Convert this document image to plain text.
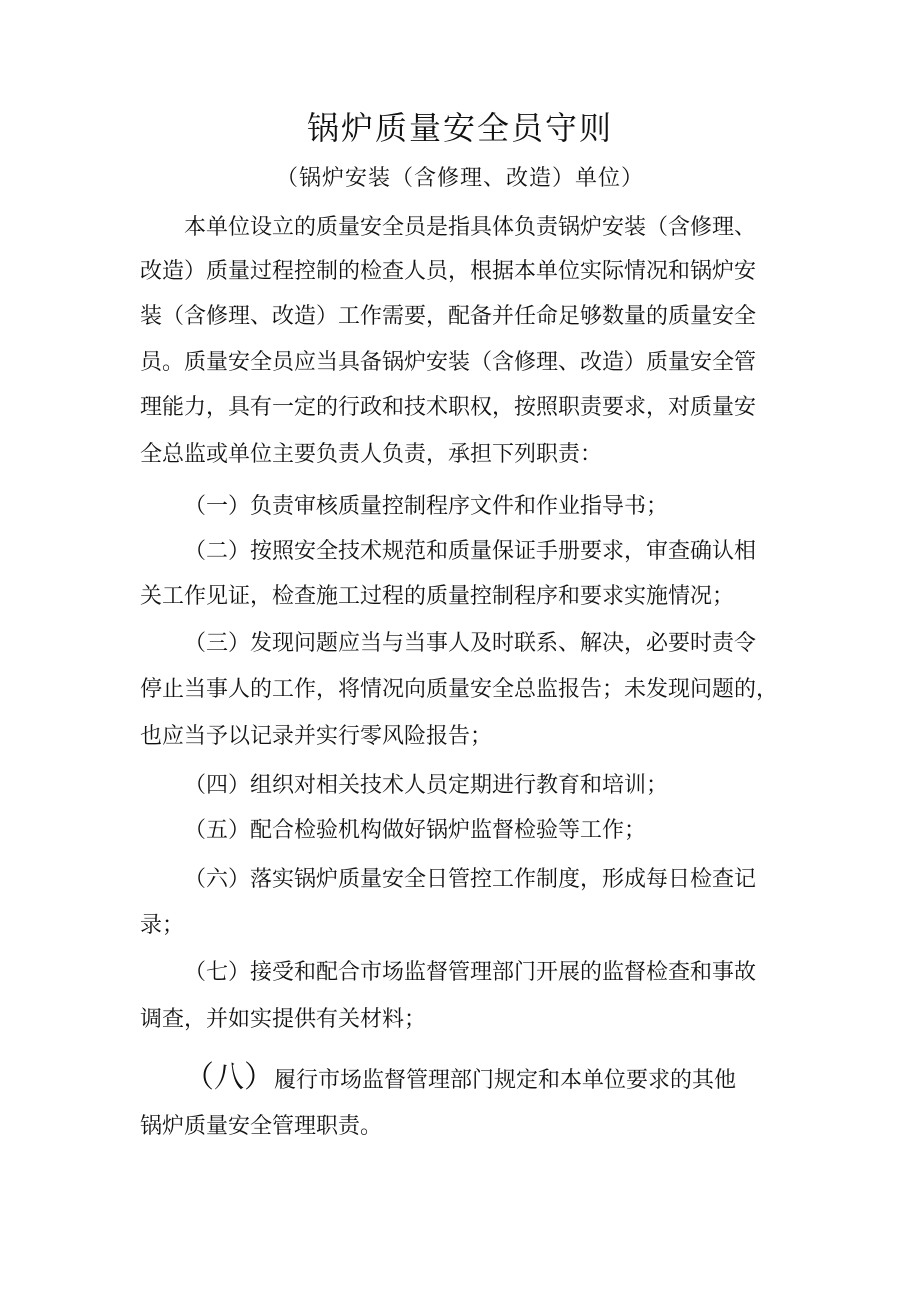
锅炉质量安全员守则
（锅炉安装（含修理、改造）单位）
本单位设立的质量安全员是指具体负责锅炉安装（含修理、
改造）质量过程控制的检查人员，根据本单位实际情况和锅炉安
装（含修理、改造）工作需要，配备并任命足够数量的质量安全
员。质量安全员应当具备锅炉安装（含修理、改造）质量安全管
理能力，具有一定的行政和技术职权，按照职责要求，对质量安
全总监或单位主要负责人负责，承担下列职责：
（一）负责审核质量控制程序文件和作业指导书；
（二）按照安全技术规范和质量保证手册要求，审查确认相
关工作见证，检查施工过程的质量控制程序和要求实施情况；
（三）发现问题应当与当事人及时联系、解决，必要时责令
停止当事人的工作，将情况向质量安全总监报告；未发现问题的，
也应当予以记录并实行零风险报告；
（四）组织对相关技术人员定期进行教育和培训；
（五）配合检验机构做好锅炉监督检验等工作；
（六）落实锅炉质量安全日管控工作制度，形成每日检查记
录；
（七）接受和配合市场监督管理部门开展的监督检查和事故
调查，并如实提供有关材料；
（八）履行市场监督管理部门规定和本单位要求的其他
锅炉质量安全管理职责。
